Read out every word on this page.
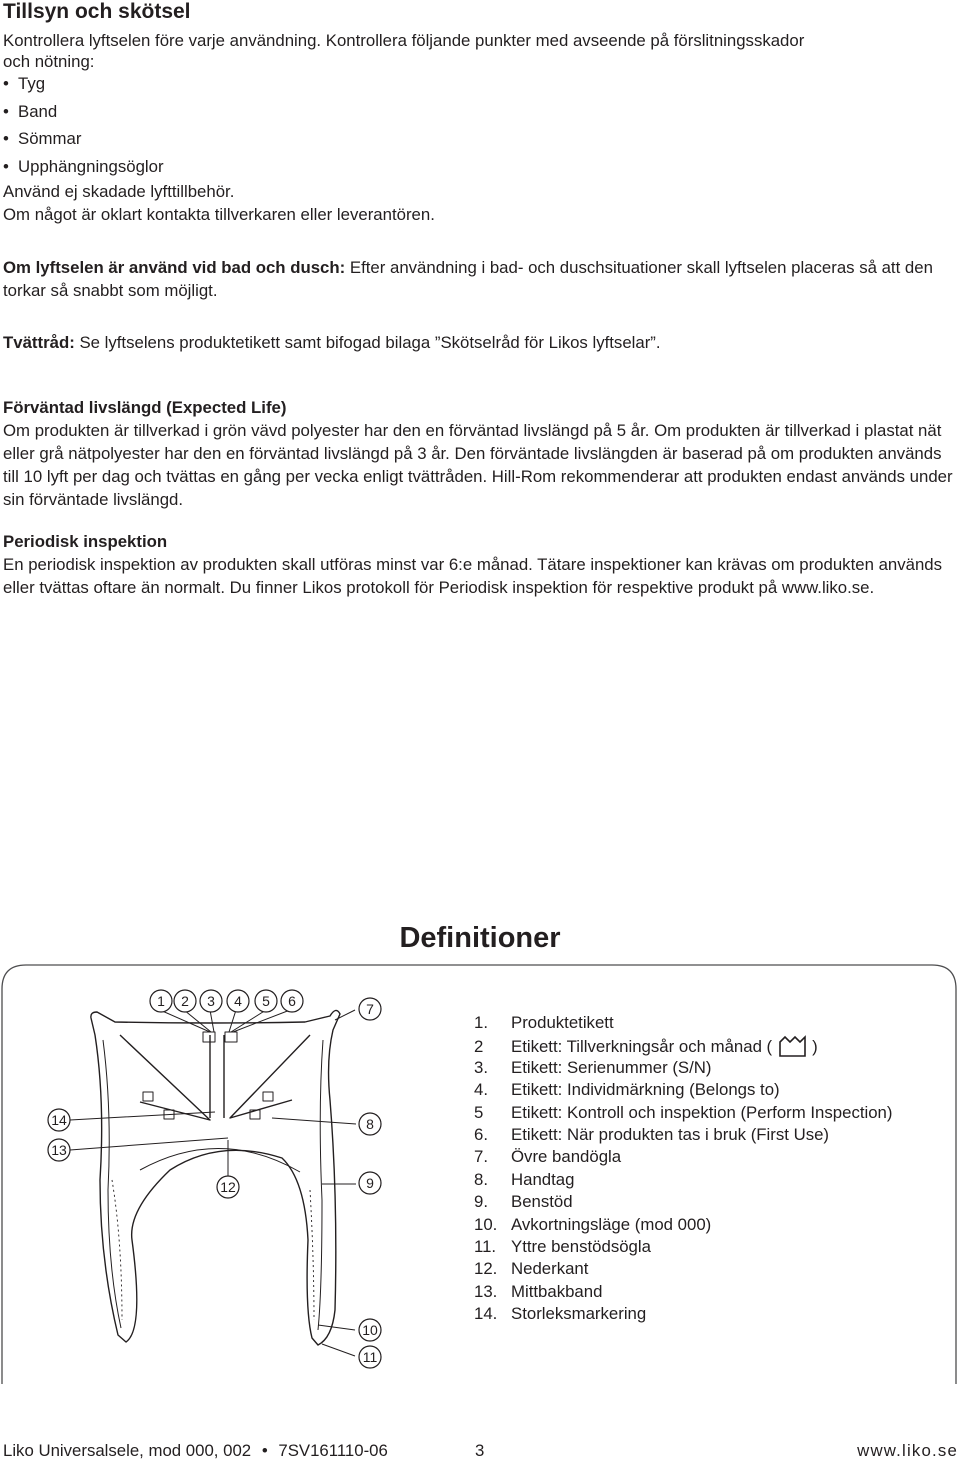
Tillsyn och skötsel
Kontrollera lyftselen före varje användning. Kontrollera följande punkter med avseende på förslitningsskador
och nötning:
• Tyg
• Band
• Sömmar
• Upphängningsöglor
Använd ej skadade lyfttillbehör.
Om något är oklart kontakta tillverkaren eller leverantören.
Om lyftselen är använd vid bad och dusch: Efter användning i bad- och duschsituationer skall lyftselen placeras så att den torkar så snabbt som möjligt.
Tvättråd: Se lyftselens produktetikett samt bifogad bilaga ”Skötselråd för Likos lyftselar”.
Förväntad livslängd (Expected Life)
Om produkten är tillverkad i grön vävd polyester har den en förväntad livslängd på 5 år. Om produkten är tillverkad i plastat nät eller grå nätpolyester har den en förväntad livslängd på 3 år. Den förväntade livslängden är baserad på om produkten används till 10 lyft per dag och tvättas en gång per vecka enligt tvättråden. Hill-Rom rekommenderar att produkten endast används under sin förväntade livslängd.
Periodisk inspektion
En periodisk inspektion av produkten skall utföras minst var 6:e månad. Tätare inspektioner kan krävas om produkten används eller tvättas oftare än normalt. Du finner Likos protokoll för Periodisk inspektion för respektive produkt på www.liko.se.
Definitioner
1 2 3 4 5 6	7
8
9
10
11
12
13
14
1. Produktetikett
2 Etikett: Tillverkningsår och månad ( )
3. Etikett: Serienummer (S/N)
4. Etikett: Individmärkning (Belongs to)
5 Etikett: Kontroll och inspektion (Perform Inspection)
6. Etikett: När produkten tas i bruk (First Use)
7. Övre bandögla
8. Handtag
9. Benstöd
10. Avkortningsläge (mod 000)
11. Yttre benstödsögla
12. Nederkant
13. Mittbakband
14. Storleksmarkering
Liko Universalsele, mod 000, 002 • 7SV161110-06	3	www.liko.se
